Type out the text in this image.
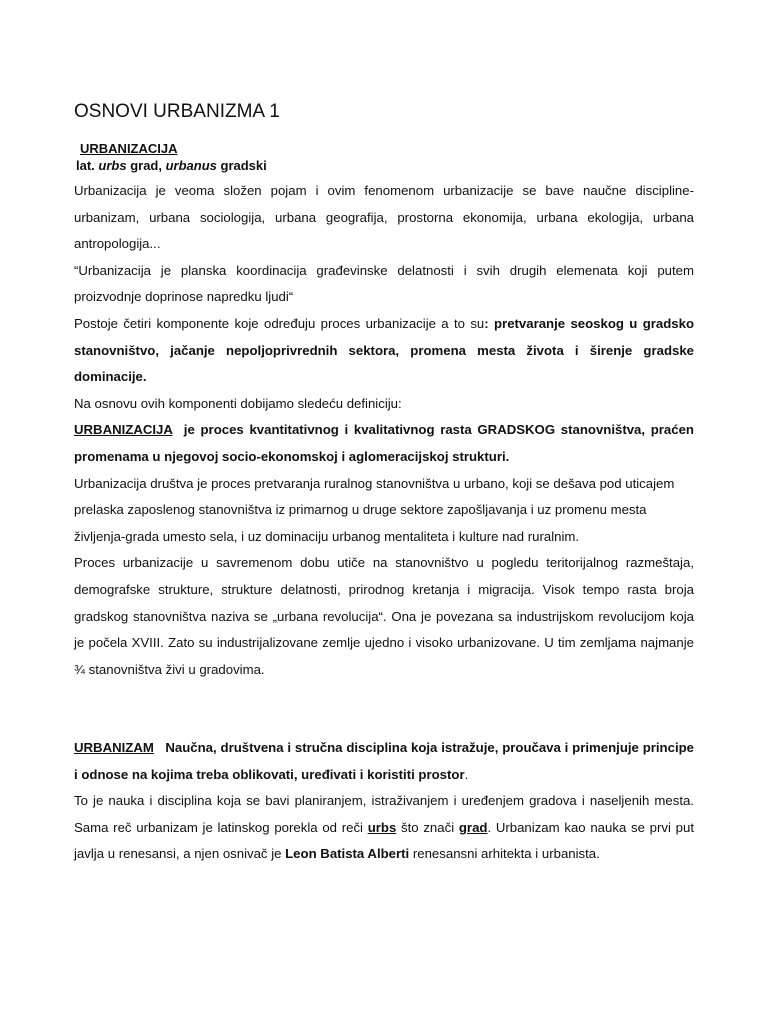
OSNOVI URBANIZMA 1
URBANIZACIJA
lat. urbs grad, urbanus gradski

Urbanizacija je veoma složen pojam i ovim fenomenom urbanizacije se bave naučne discipline- urbanizam, urbana sociologija, urbana geografija, prostorna ekonomija, urbana ekologija, urbana antropologija...

“Urbanizacija je planska koordinacija građevinske delatnosti i svih drugih elemenata koji putem proizvodnje doprinose napredku ljudi“

Postoje četiri komponente koje određuju proces urbanizacije a to su: pretvaranje seoskog u gradsko stanovništvo, jačanje nepoljoprivrednih sektora, promena mesta života i širenje gradske dominacije.

Na osnovu ovih komponenti dobijamo sledeću definiciju:

URBANIZACIJA  je proces kvantitativnog i kvalitativnog rasta GRADSKOG stanovništva, praćen promenama u njegovoj socio-ekonomskoj i aglomeracijskoj strukturi.

Urbanizacija društva je proces pretvaranja ruralnog stanovništva u urbano, koji se dešava pod uticajem prelaska zaposlenog stanovništva iz primarnog u druge sektore zapošljavanja i uz promenu mesta življenja-grada umesto sela, i uz dominaciju urbanog mentaliteta i kulture nad ruralnim.

Proces urbanizacije u savremenom dobu utiče na stanovništvo u pogledu teritorijalnog razmeštaja, demografske strukture, strukture delatnosti, prirodnog kretanja i migracija. Visok tempo rasta broja gradskog stanovništva naziva se „urbana revolucija“. Ona je povezana sa industrijskom revolucijom koja je počela XVIII. Zato su industrijalizovane zemlje ujedno i visoko urbanizovane. U tim zemljama najmanje ¾ stanovništva živi u gradovima.

URBANIZAM Naučna, društvena i stručna disciplina koja istražuje, proučava i primenjuje principe i odnose na kojima treba oblikovati, uređivati i koristiti prostor.

To je nauka i disciplina koja se bavi planiranjem, istraživanjem i uređenjem gradova i naseljenih mesta. Sama reč urbanizam je latinskog porekla od reči urbs što znači grad. Urbanizam kao nauka se prvi put javlja u renesansi, a njen osnivač je Leon Batista Alberti renesansni arhitekta i urbanista.
